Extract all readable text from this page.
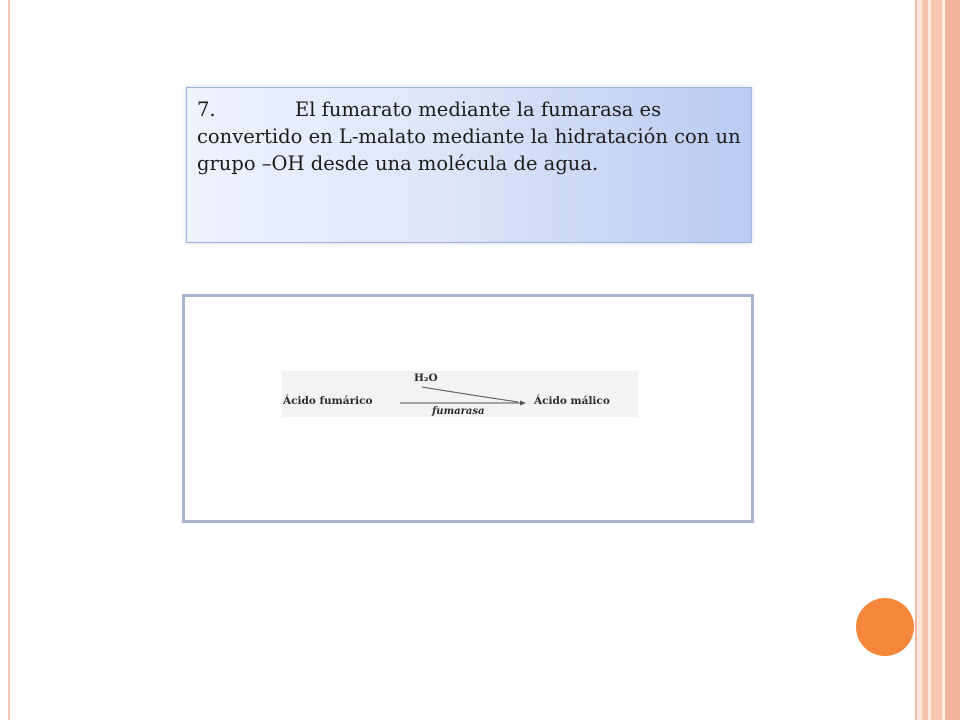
7.	El fumarato mediante la fumarasa es convertido en L-malato mediante la hidratación con un grupo –OH desde una molécula de agua.
H₂O
Ácido fumárico	Ácido málico
fumarasa
